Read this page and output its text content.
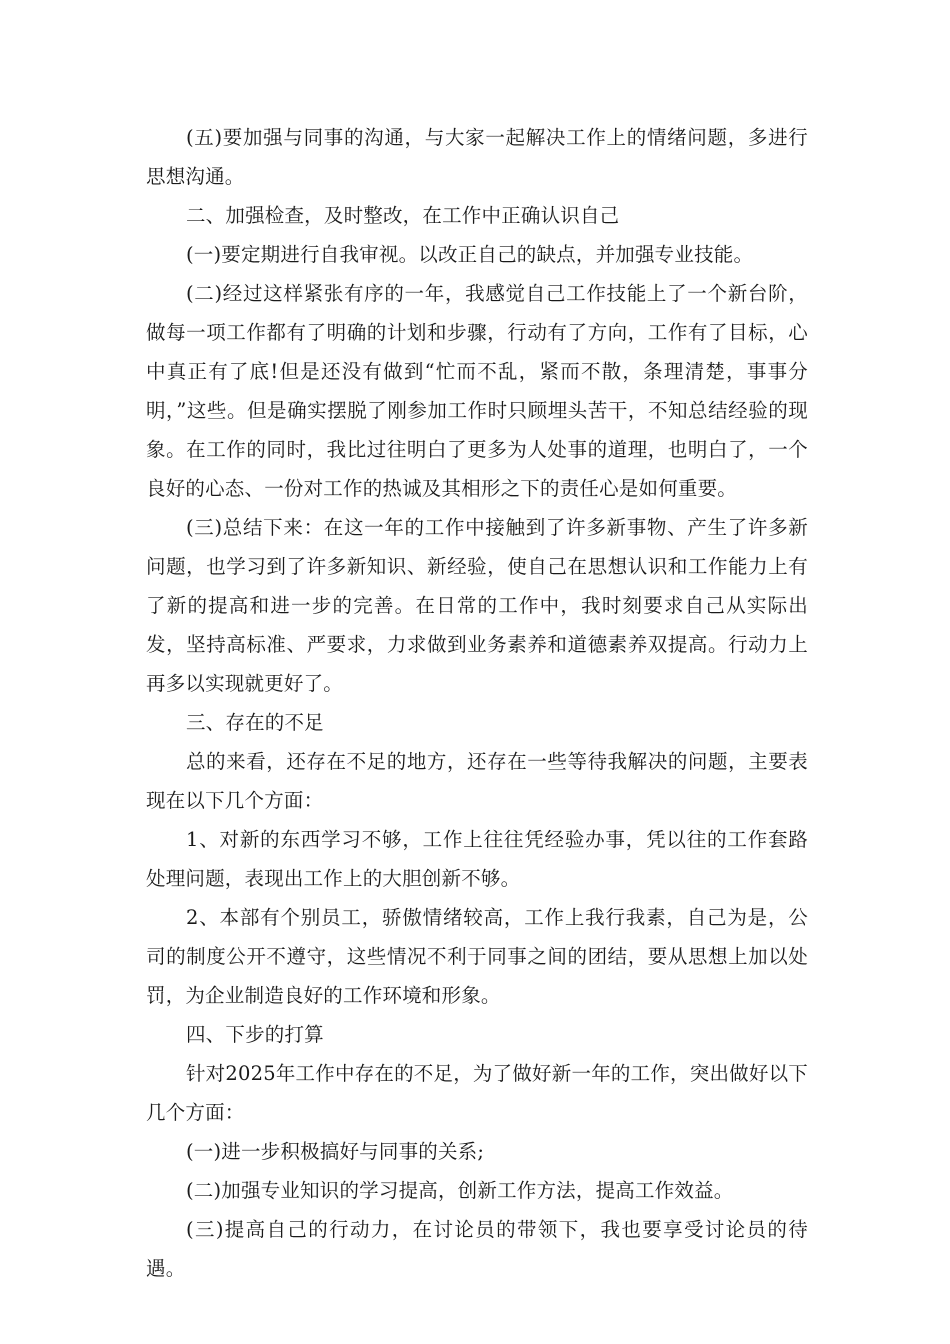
(五)要加强与同事的沟通，与大家一起解决工作上的情绪问题，多进行思想沟通。

二、加强检查，及时整改，在工作中正确认识自己

(一)要定期进行自我审视。以改正自己的缺点，并加强专业技能。

(二)经过这样紧张有序的一年，我感觉自己工作技能上了一个新台阶，做每一项工作都有了明确的计划和步骤，行动有了方向，工作有了目标，心中真正有了底!但是还没有做到“忙而不乱，紧而不散，条理清楚，事事分明，”这些。但是确实摆脱了刚参加工作时只顾埋头苦干，不知总结经验的现象。在工作的同时，我比过往明白了更多为人处事的道理，也明白了，一个良好的心态、一份对工作的热诚及其相形之下的责任心是如何重要。

(三)总结下来：在这一年的工作中接触到了许多新事物、产生了许多新问题，也学习到了许多新知识、新经验，使自己在思想认识和工作能力上有了新的提高和进一步的完善。在日常的工作中，我时刻要求自己从实际出发，坚持高标准、严要求，力求做到业务素养和道德素养双提高。行动力上再多以实现就更好了。

三、存在的不足

总的来看，还存在不足的地方，还存在一些等待我解决的问题，主要表现在以下几个方面：

1、对新的东西学习不够，工作上往往凭经验办事，凭以往的工作套路处理问题，表现出工作上的大胆创新不够。

2、本部有个别员工，骄傲情绪较高，工作上我行我素，自己为是，公司的制度公开不遵守，这些情况不利于同事之间的团结，要从思想上加以处罚，为企业制造良好的工作环境和形象。

四、下步的打算

针对2025年工作中存在的不足，为了做好新一年的工作，突出做好以下几个方面：

(一)进一步积极搞好与同事的关系;

(二)加强专业知识的学习提高，创新工作方法，提高工作效益。

(三)提高自己的行动力，在讨论员的带领下，我也要享受讨论员的待遇。
